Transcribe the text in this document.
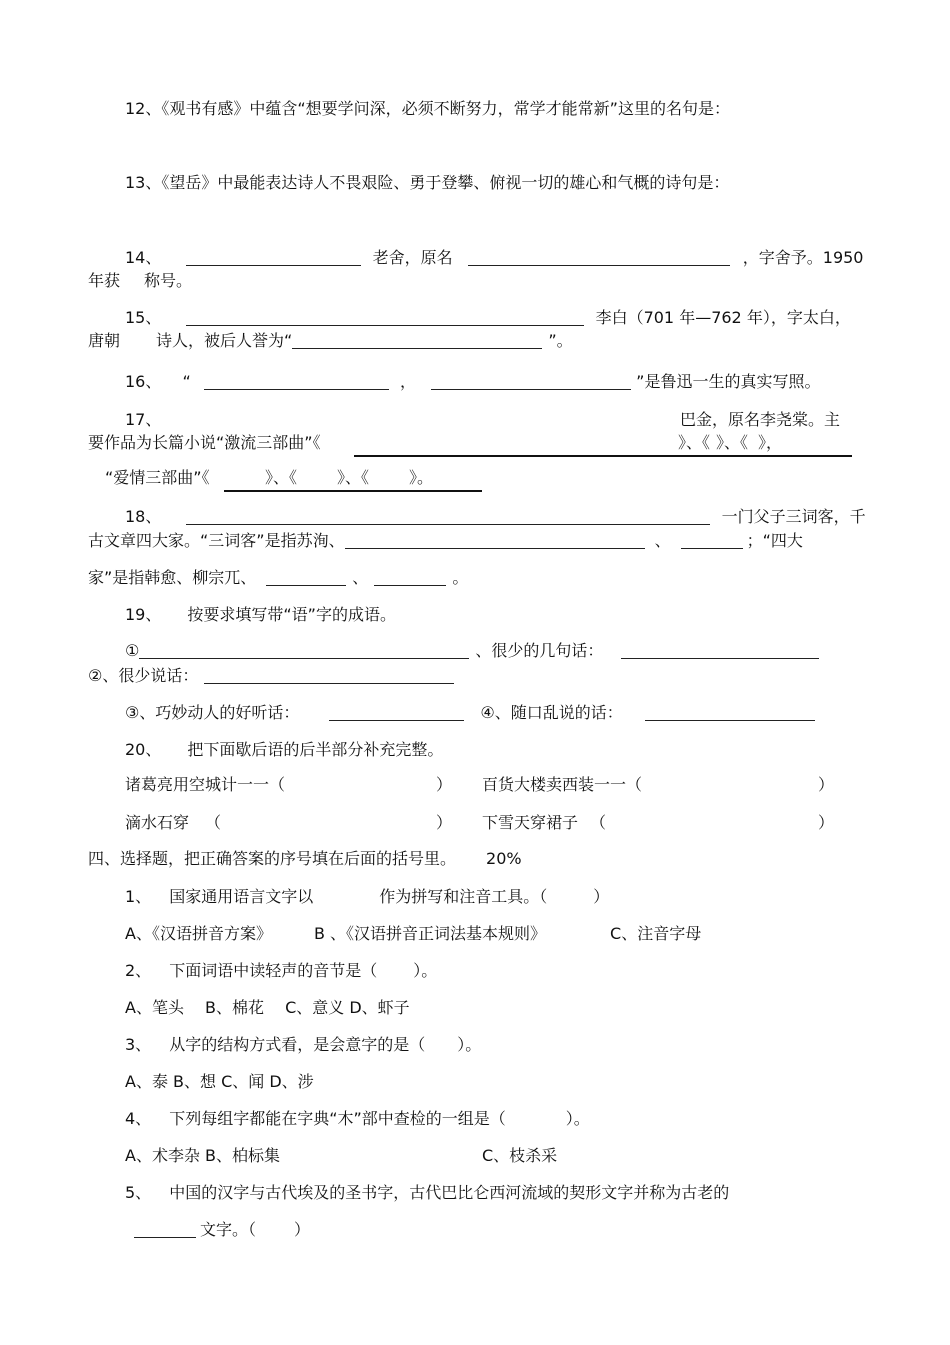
12、《观书有感》中蕴含“想要学问深，必须不断努力，常学才能常新”这里的名句是：
13、《望岳》中最能表达诗人不畏艰险、勇于登攀、俯视一切的雄心和气概的诗句是：
14、	老舍，原名	，字舍予。1950
年获 称号。
15、	李白（701 年—762 年），字太白，
唐朝 诗人，被后人誉为“	”。
16、 “	，	”是鲁迅一生的真实写照。
17、	巴金，原名李尧棠。主
要作品为长篇小说“激流三部曲”《	》、《 》、《 》，
“爱情三部曲”《	》、《	》、《	》。
18、	一门父子三词客，千
古文章四大家。“三词客”是指苏洵、	、	；“四大
家”是指韩愈、柳宗兀、	、	。
19、 按要求填写带“语”字的成语。
①	、很少的几句话：
②、很少说话：
③、巧妙动人的好听话：	④、随口乱说的话：
20、 把下面歇后语的后半部分补充完整。
诸葛亮用空城计一一（	） 百货大楼卖西装一一（	）
滴水石穿 （	） 下雪天穿裙子 （	）
四、选择题，把正确答案的序号填在后面的括号里。 20%
1、 国家通用语言文字以	作为拼写和注音工具。（	）
A、《汉语拼音方案》	B 、《汉语拼音正词法基本规则》	C、注音字母
2、 下面词语中读轻声的音节是（ ）。
A、笔头　 B、棉花　 C、意义 D、虾子
3、 从字的结构方式看，是会意字的是（ ）。
A、泰 B、想 C、闻 D、涉
4、 下列每组字都能在字典“木”部中查检的一组是（	）。
A、术李杂 B、柏标集	C、枝杀采
5、 中国的汉字与古代埃及的圣书字，古代巴比仑西河流域的契形文字并称为古老的
文字。（ ）
